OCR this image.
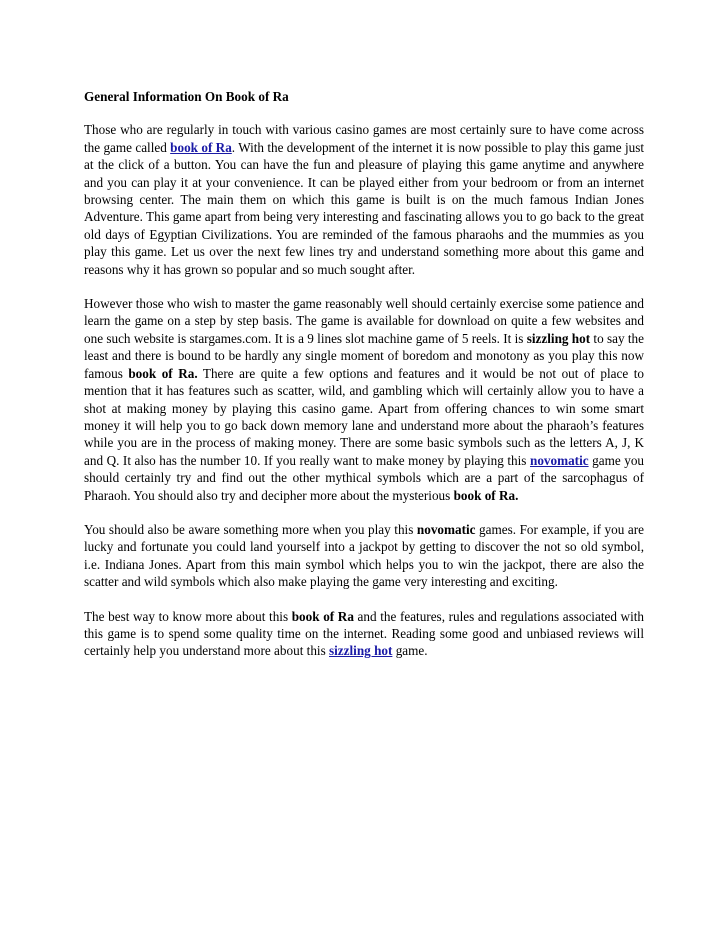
General Information On Book of Ra

Those who are regularly in touch with various casino games are most certainly sure to have come across the game called book of Ra. With the development of the internet it is now possible to play this game just at the click of a button. You can have the fun and pleasure of playing this game anytime and anywhere and you can play it at your convenience. It can be played either from your bedroom or from an internet browsing center. The main them on which this game is built is on the much famous Indian Jones Adventure. This game apart from being very interesting and fascinating allows you to go back to the great old days of Egyptian Civilizations. You are reminded of the famous pharaohs and the mummies as you play this game. Let us over the next few lines try and understand something more about this game and reasons why it has grown so popular and so much sought after.

However those who wish to master the game reasonably well should certainly exercise some patience and learn the game on a step by step basis. The game is available for download on quite a few websites and one such website is stargames.com. It is a 9 lines slot machine game of 5 reels. It is sizzling hot to say the least and there is bound to be hardly any single moment of boredom and monotony as you play this now famous book of Ra. There are quite a few options and features and it would be not out of place to mention that it has features such as scatter, wild, and gambling which will certainly allow you to have a shot at making money by playing this casino game. Apart from offering chances to win some smart money it will help you to go back down memory lane and understand more about the pharaoh’s features while you are in the process of making money. There are some basic symbols such as the letters A, J, K and Q. It also has the number 10. If you really want to make money by playing this novomatic game you should certainly try and find out the other mythical symbols which are a part of the sarcophagus of Pharaoh. You should also try and decipher more about the mysterious book of Ra.

You should also be aware something more when you play this novomatic games. For example, if you are lucky and fortunate you could land yourself into a jackpot by getting to discover the not so old symbol, i.e. Indiana Jones. Apart from this main symbol which helps you to win the jackpot, there are also the scatter and wild symbols which also make playing the game very interesting and exciting.

The best way to know more about this book of Ra and the features, rules and regulations associated with this game is to spend some quality time on the internet. Reading some good and unbiased reviews will certainly help you understand more about this sizzling hot game.
